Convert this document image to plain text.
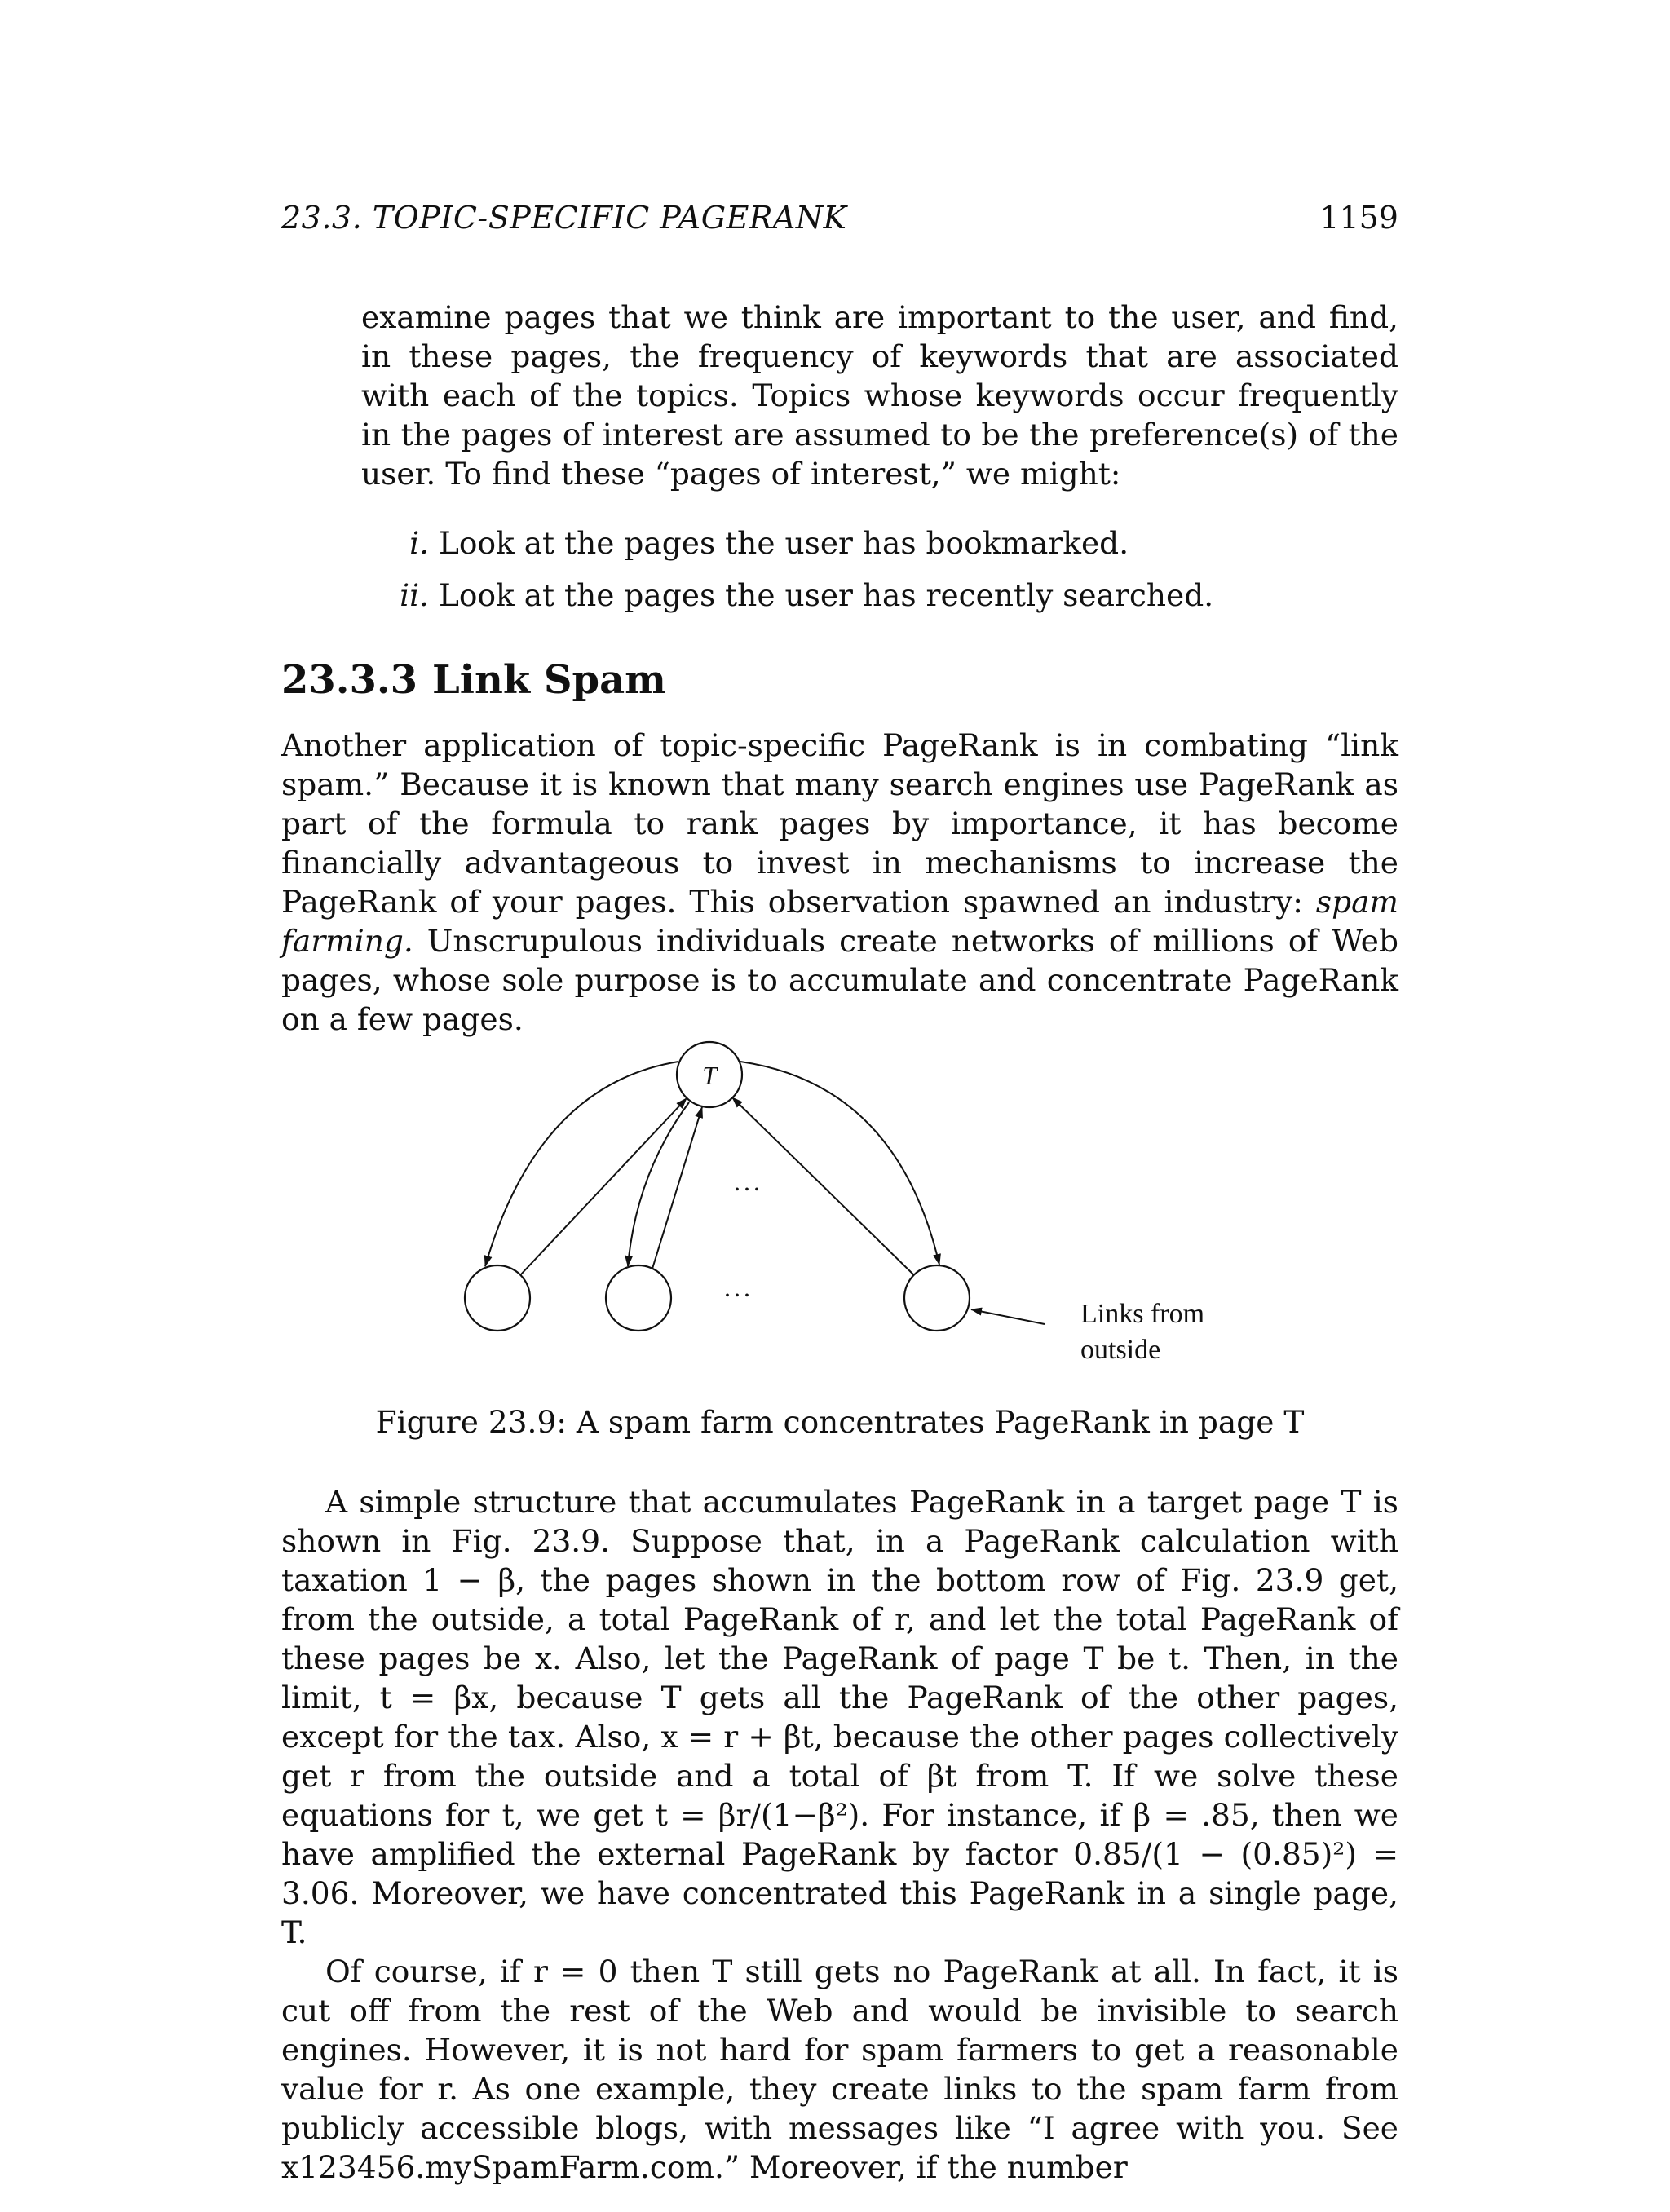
23.3. TOPIC-SPECIFIC PAGERANK	1159

examine pages that we think are important to the user, and find, in these pages, the frequency of keywords that are associated with each of the topics. Topics whose keywords occur frequently in the pages of interest are assumed to be the preference(s) of the user. To find these “pages of interest,” we might:

i. Look at the pages the user has bookmarked.
ii. Look at the pages the user has recently searched.
23.3.3 Link Spam

Another application of topic-specific PageRank is in combating “link spam.” Because it is known that many search engines use PageRank as part of the formula to rank pages by importance, it has become financially advantageous to invest in mechanisms to increase the PageRank of your pages. This observation spawned an industry: spam farming. Unscrupulous individuals create networks of millions of Web pages, whose sole purpose is to accumulate and concentrate PageRank on a few pages.

T
...
...
Links from
outside
Figure 23.9: A spam farm concentrates PageRank in page T

A simple structure that accumulates PageRank in a target page T is shown in Fig. 23.9. Suppose that, in a PageRank calculation with taxation 1 − β, the pages shown in the bottom row of Fig. 23.9 get, from the outside, a total PageRank of r, and let the total PageRank of these pages be x. Also, let the PageRank of page T be t. Then, in the limit, t = βx, because T gets all the PageRank of the other pages, except for the tax. Also, x = r + βt, because the other pages collectively get r from the outside and a total of βt from T. If we solve these equations for t, we get t = βr/(1−β²). For instance, if β = .85, then we have amplified the external PageRank by factor 0.85/(1 − (0.85)²) = 3.06. Moreover, we have concentrated this PageRank in a single page, T.

Of course, if r = 0 then T still gets no PageRank at all. In fact, it is cut off from the rest of the Web and would be invisible to search engines. However, it is not hard for spam farmers to get a reasonable value for r. As one example, they create links to the spam farm from publicly accessible blogs, with messages like “I agree with you. See x123456.mySpamFarm.com.” Moreover, if the number
